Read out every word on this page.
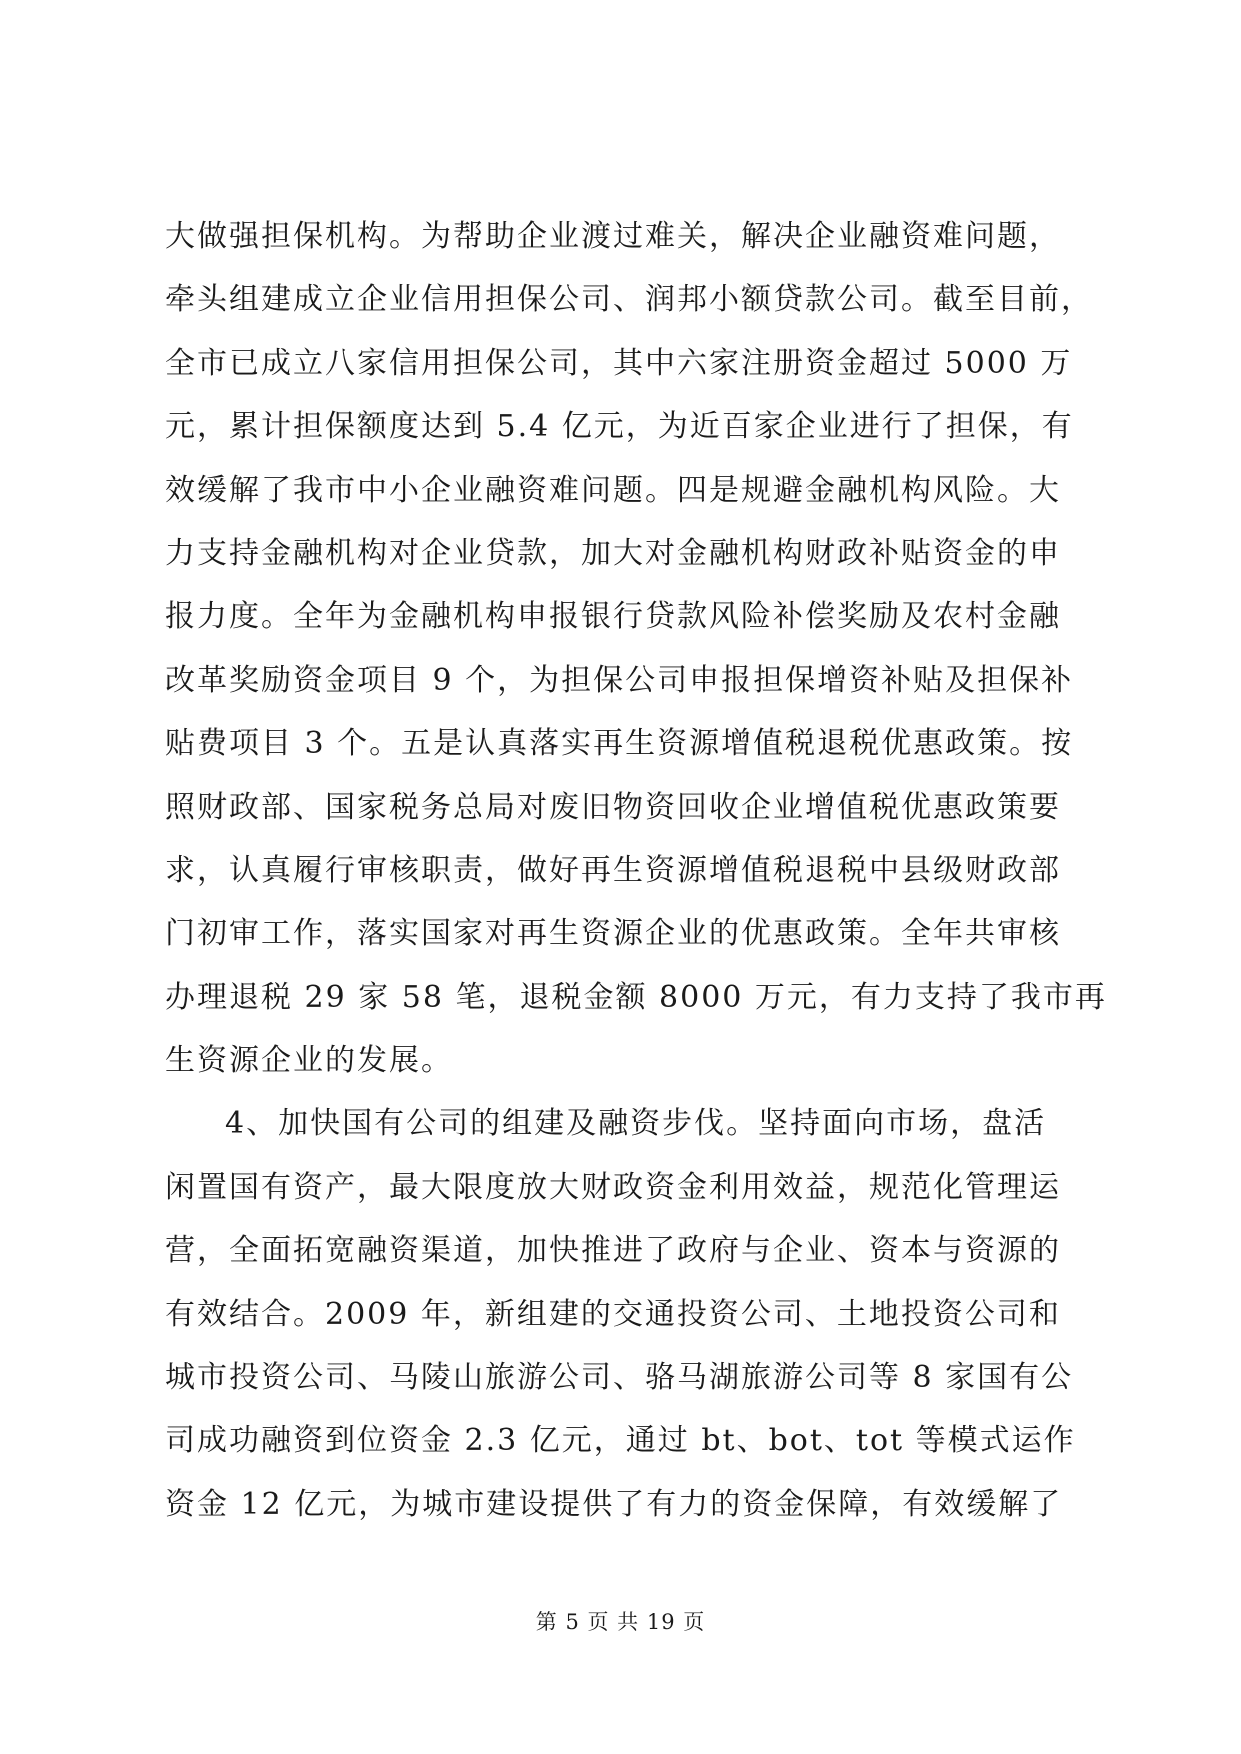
大做强担保机构。为帮助企业渡过难关，解决企业融资难问题，
牵头组建成立企业信用担保公司、润邦小额贷款公司。截至目前，
全市已成立八家信用担保公司，其中六家注册资金超过 5000 万
元，累计担保额度达到 5.4 亿元，为近百家企业进行了担保，有
效缓解了我市中小企业融资难问题。四是规避金融机构风险。大
力支持金融机构对企业贷款，加大对金融机构财政补贴资金的申
报力度。全年为金融机构申报银行贷款风险补偿奖励及农村金融
改革奖励资金项目 9 个，为担保公司申报担保增资补贴及担保补
贴费项目 3 个。五是认真落实再生资源增值税退税优惠政策。按
照财政部、国家税务总局对废旧物资回收企业增值税优惠政策要
求，认真履行审核职责，做好再生资源增值税退税中县级财政部
门初审工作，落实国家对再生资源企业的优惠政策。全年共审核
办理退税 29 家 58 笔，退税金额 8000 万元，有力支持了我市再
生资源企业的发展。
4、加快国有公司的组建及融资步伐。坚持面向市场，盘活
闲置国有资产，最大限度放大财政资金利用效益，规范化管理运
营，全面拓宽融资渠道，加快推进了政府与企业、资本与资源的
有效结合。2009 年，新组建的交通投资公司、土地投资公司和
城市投资公司、马陵山旅游公司、骆马湖旅游公司等 8 家国有公
司成功融资到位资金 2.3 亿元，通过 bt、bot、tot 等模式运作
资金 12 亿元，为城市建设提供了有力的资金保障，有效缓解了
第 5 页 共 19 页
